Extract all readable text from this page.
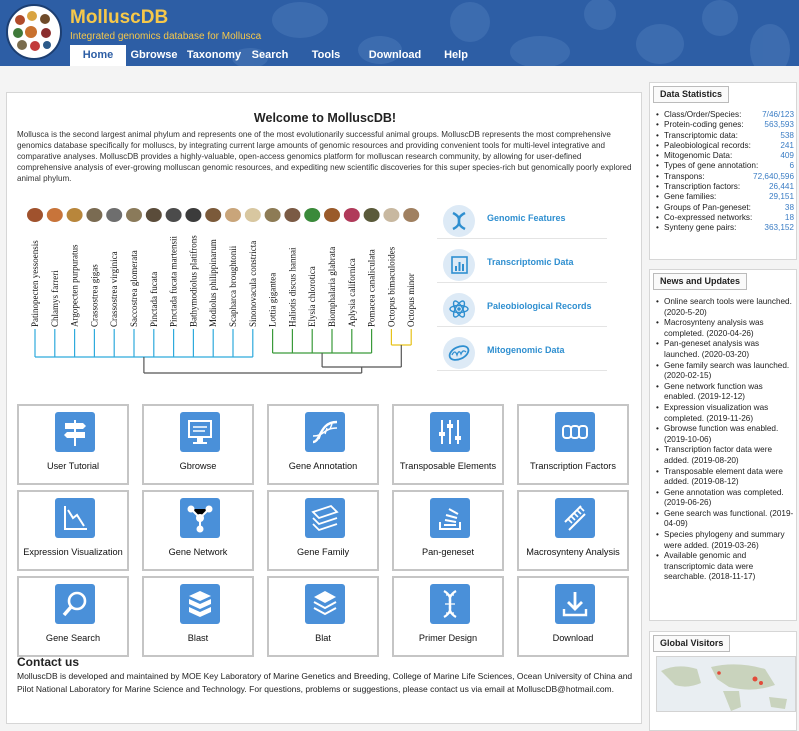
MolluscDB
Integrated genomics database for Mollusca
Home	Gbrowse Taxonomy Search	Tools	Download	Help
Welcome to MolluscDB!
Mollusca is the second largest animal phylum and represents one of the most evolutionarily successful animal groups. MolluscDB represents the most comprehensive genomics database specifically for molluscs, by integrating current large amounts of genomic resources and providing convenient tools for multi-level integrative and comparative analyses. MolluscDB provides a highly-valuable, open-access genomics platform for molluscan research community, by allowing for user-defined comprehensive analysis of ever-growing molluscan genomic resources, and expediting new scientific discoveries for this super species-rich but genomically poorly explored animal phylum.
Patinopecten yessoensis Chlamys farreri Argopecten purpuratus Crassostrea gigas Crassostrea virginica Saccostrea glomerata Pinctada fucata Pinctada fucata martensii Bathymodiolus platifrons Modiolus philippinarum Scapharca broughtonii Sinonovacula constricta Lottia gigantea Haliotis discus hannai Elysia chlorotica Biomphalaria glabrata Aplysia californica Pomacea canaliculata Octopus bimaculoides Octopus minor
Genomic Features
Transcriptomic Data
Paleobiological Records
Mitogenomic Data
User Tutorial	Gbrowse	Gene Annotation	Transposable Elements	Transcription Factors
Expression Visualization	Gene Network	Gene Family	Pan-geneset	Macrosynteny Analysis
Gene Search	Blast	Blat	Primer Design	Download
Contact us
MolluscDB is developed and maintained by MOE Key Laboratory of Marine Genetics and Breeding, College of Marine Life Sciences, Ocean University of China and Pilot National Laboratory for Marine Science and Technology. For questions, problems or suggestions, please contact us via email at MolluscDB@hotmail.com.
Data Statistics
• Class/Order/Species:	7/46/123
• Protein-coding genes:	563,593
• Transcriptomic data:	538
• Paleobiological records:	241
• Mitogenomic Data:	409
• Types of gene annotation:	6
• Transpons:	72,640,596
• Transcription factors:	26,441
• Gene families:	29,151
• Groups of Pan-geneset:	38
• Co-expressed networks:	18
• Synteny gene pairs:	363,152
News and Updates
• Online search tools were launched. (2020-5-20)
• Macrosynteny analysis was completed. (2020-04-26)
• Pan-geneset analysis was launched. (2020-03-20)
• Gene family search was launched. (2020-02-15)
• Gene network function was enabled. (2019-12-12)
• Expression visualization was completed. (2019-11-26)
• Gbrowse function was enabled. (2019-10-06)
• Transcription factor data were added. (2019-08-20)
• Transposable element data were added. (2019-08-12)
• Gene annotation was completed. (2019-06-26)
• Gene search was functional. (2019-04-09)
• Species phylogeny and summary were added. (2019-03-26)
• Available genomic and transcriptomic data were searchable. (2018-11-17)
Global Visitors
